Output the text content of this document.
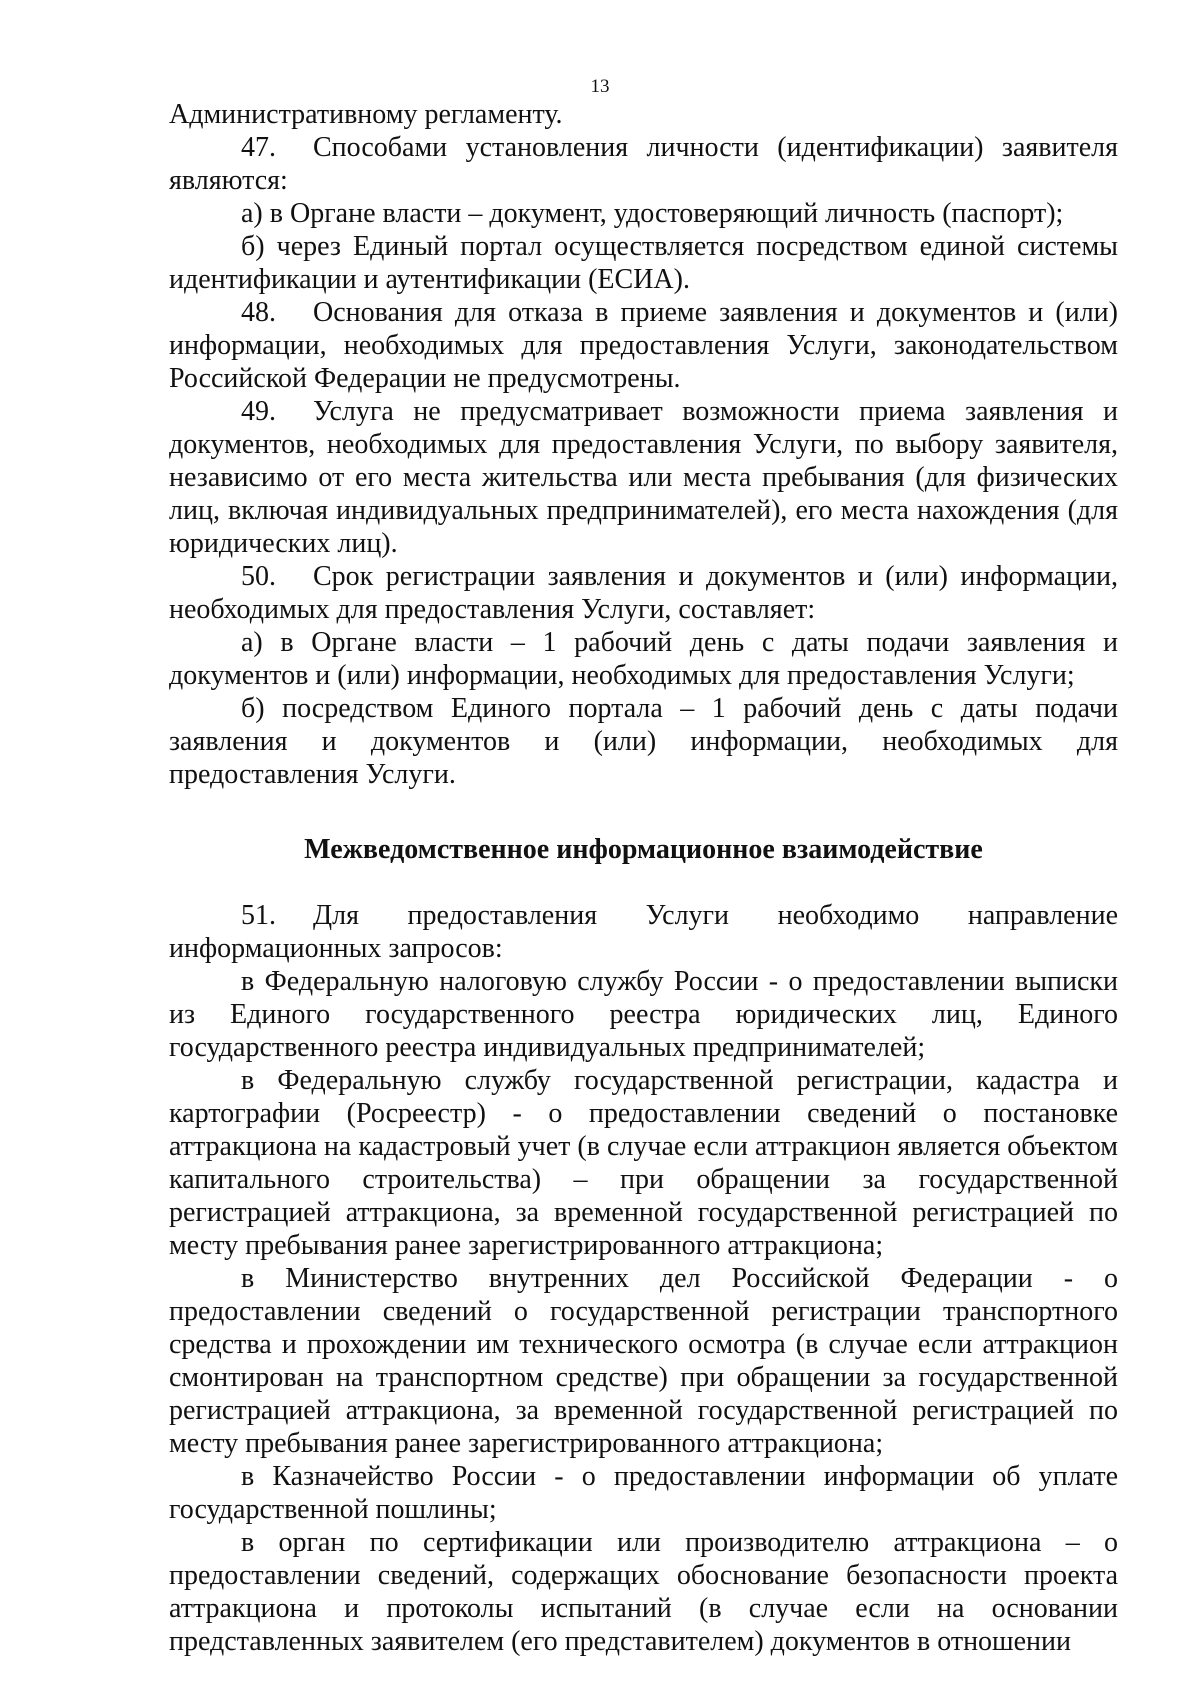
13

Административному регламенту.

47. Способами установления личности (идентификации) заявителя являются:

а) в Органе власти – документ, удостоверяющий личность (паспорт);

б) через Единый портал осуществляется посредством единой системы идентификации и аутентификации (ЕСИА).

48. Основания для отказа в приеме заявления и документов и (или) информации, необходимых для предоставления Услуги, законодательством Российской Федерации не предусмотрены.

49. Услуга не предусматривает возможности приема заявления и документов, необходимых для предоставления Услуги, по выбору заявителя, независимо от его места жительства или места пребывания (для физических лиц, включая индивидуальных предпринимателей), его места нахождения (для юридических лиц).

50. Срок регистрации заявления и документов и (или) информации, необходимых для предоставления Услуги, составляет:

а) в Органе власти – 1 рабочий день с даты подачи заявления и документов и (или) информации, необходимых для предоставления Услуги;

б) посредством Единого портала – 1 рабочий день с даты подачи заявления и документов и (или) информации, необходимых для предоставления Услуги.

Межведомственное информационное взаимодействие

51. Для предоставления Услуги необходимо направление информационных запросов:

в Федеральную налоговую службу России - о предоставлении выписки из Единого государственного реестра юридических лиц, Единого государственного реестра индивидуальных предпринимателей;

в Федеральную службу государственной регистрации, кадастра и картографии (Росреестр) - о предоставлении сведений о постановке аттракциона на кадастровый учет (в случае если аттракцион является объектом капитального строительства) – при обращении за государственной регистрацией аттракциона, за временной государственной регистрацией по месту пребывания ранее зарегистрированного аттракциона;

в Министерство внутренних дел Российской Федерации - о предоставлении сведений о государственной регистрации транспортного средства и прохождении им технического осмотра (в случае если аттракцион смонтирован на транспортном средстве) при обращении за государственной регистрацией аттракциона, за временной государственной регистрацией по месту пребывания ранее зарегистрированного аттракциона;

в Казначейство России - о предоставлении информации об уплате государственной пошлины;

в орган по сертификации или производителю аттракциона – о предоставлении сведений, содержащих обоснование безопасности проекта аттракциона и протоколы испытаний (в случае если на основании представленных заявителем (его представителем) документов в отношении
